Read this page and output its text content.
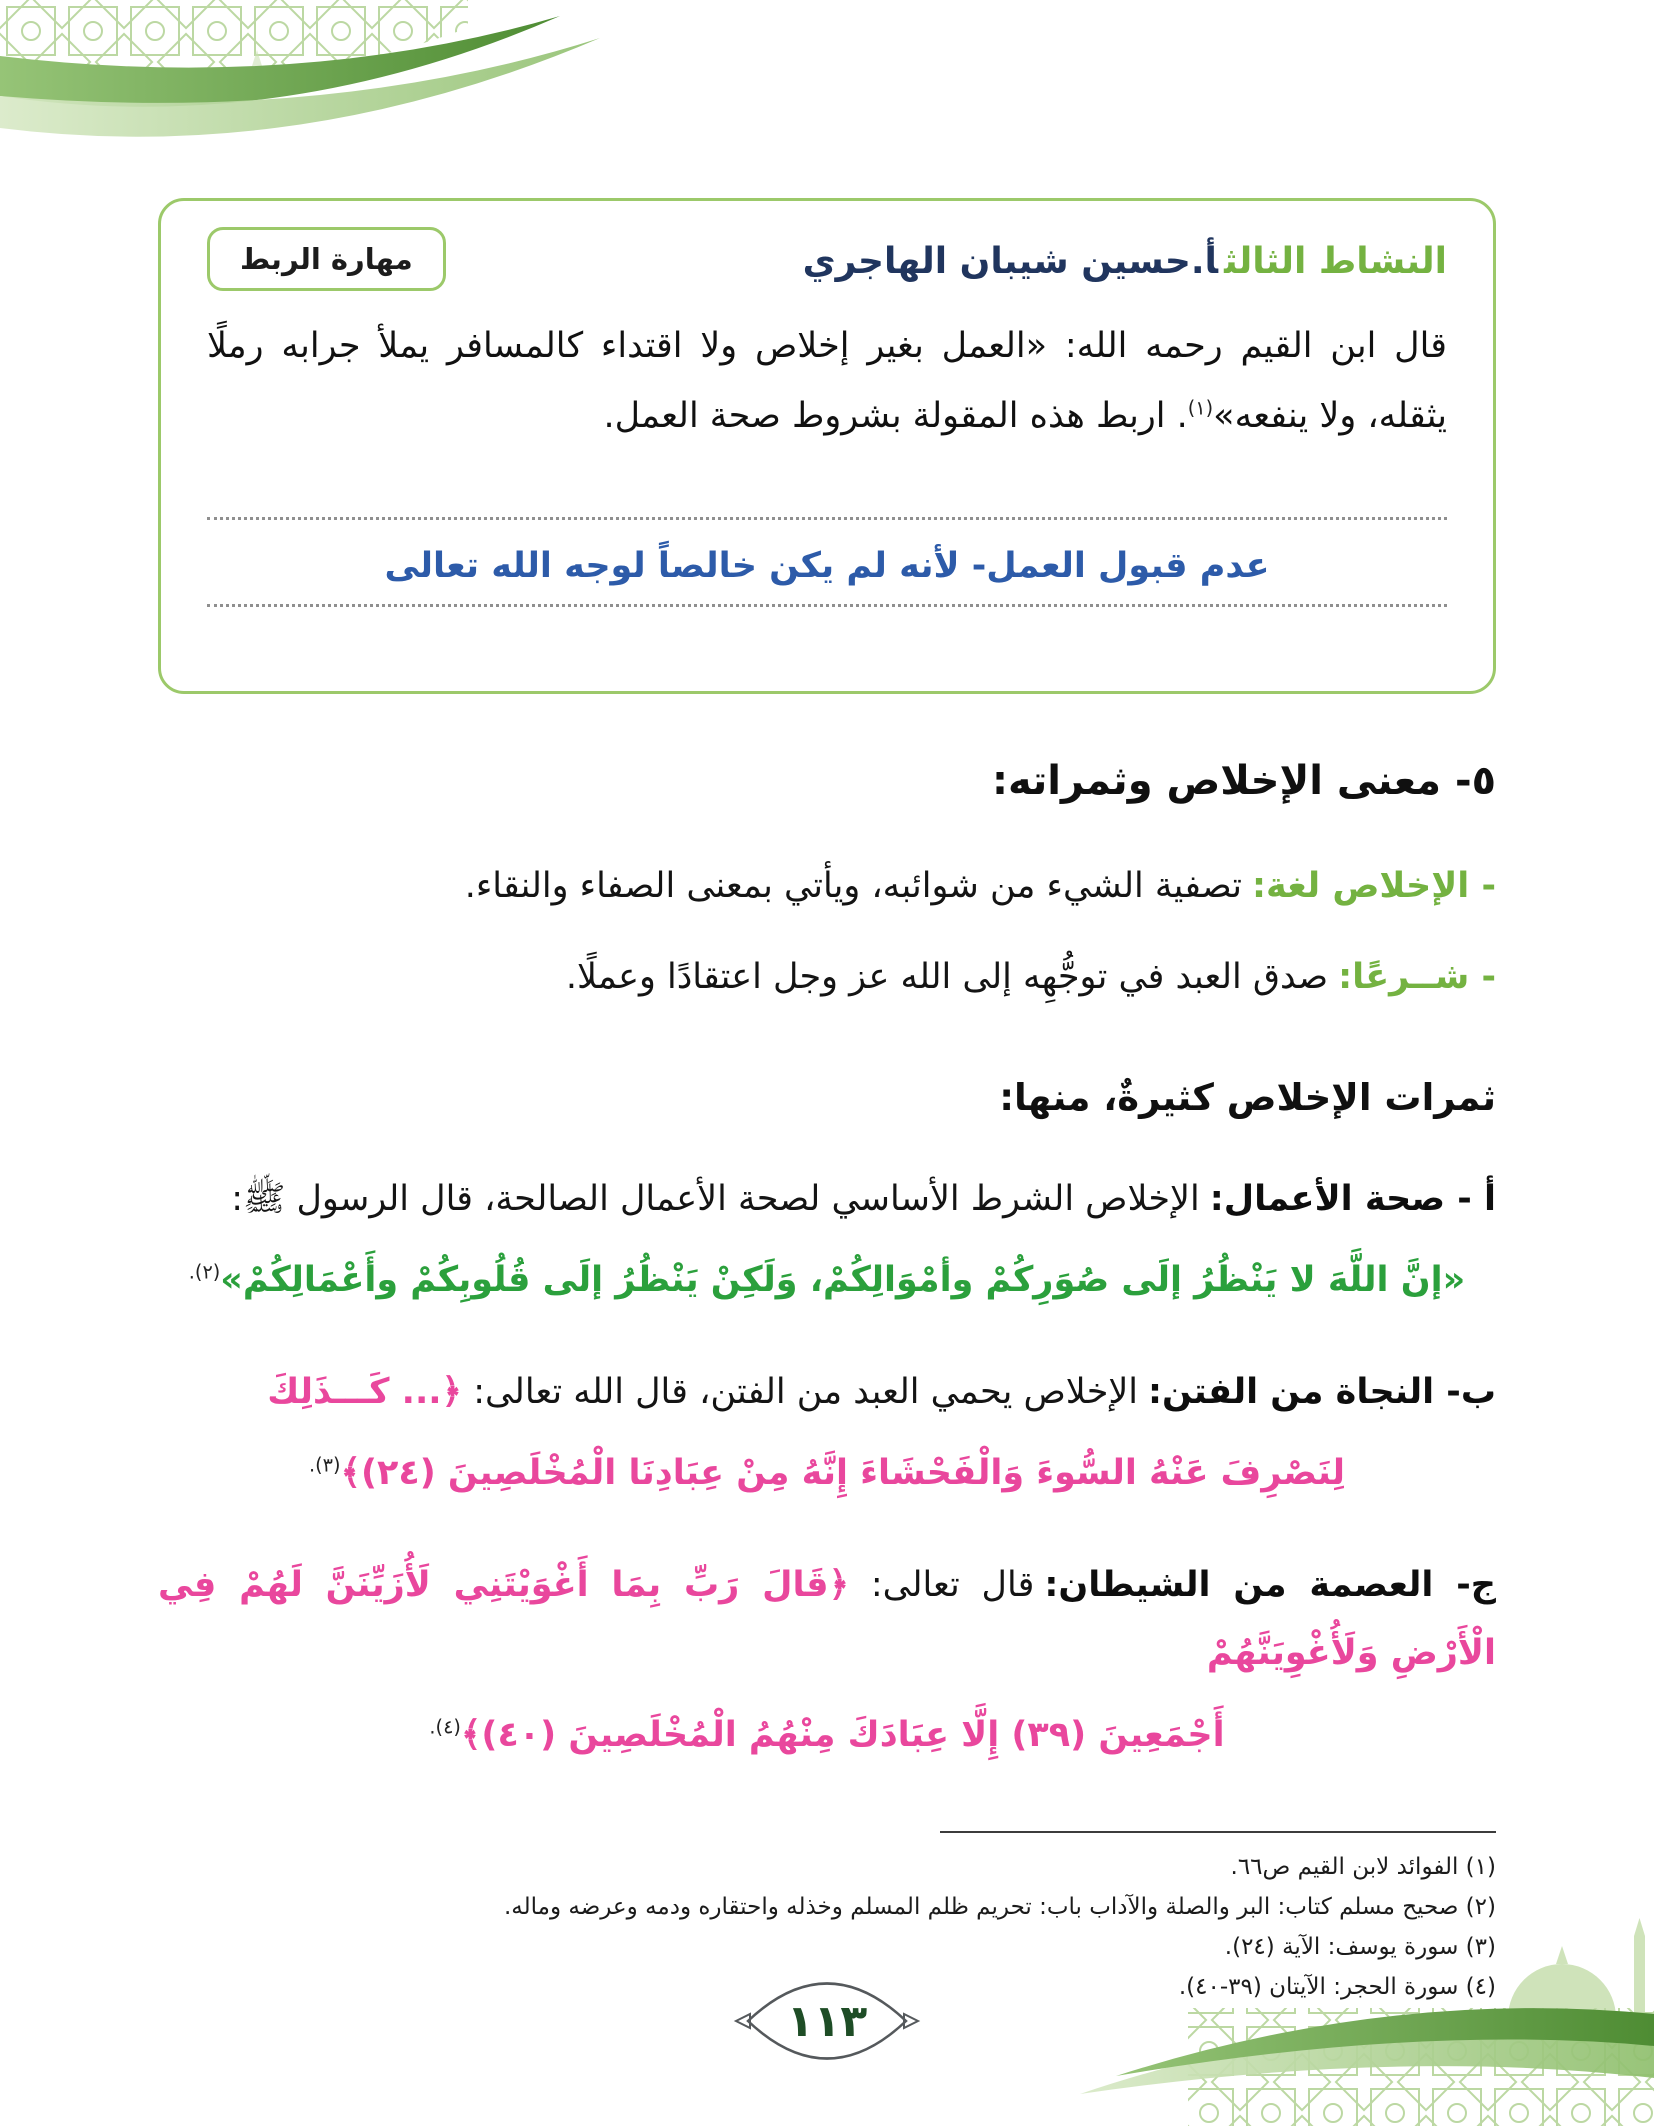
النشاط الثالثأ.حسين شيبان الهاجري
مهارة الربط

قال ابن القيم رحمه الله: «العمل بغير إخلاص ولا اقتداء كالمسافر يملأ جرابه رملًا يثقله، ولا ينفعه»$^{(١)}$. اربط هذه المقولة بشروط صحة العمل.

عدم قبول العمل- لأنه لم يكن خالصاً لوجه الله تعالى

٥- معنى الإخلاص وثمراته:

- الإخلاص لغة:تصفية الشيء من شوائبه، ويأتي بمعنى الصفاء والنقاء.

- شــرعًا:صدق العبد في توجُّهِه إلى الله عز وجل اعتقادًا وعملًا.

ثمرات الإخلاص كثيرةٌ، منها:

أ - صحة الأعمال:الإخلاص الشرط الأساسي لصحة الأعمال الصالحة، قال الرسول ﷺ:

«إنَّ اللَّهَ لا يَنْظُرُ إلَى صُوَرِكُمْ وأمْوَالِكُمْ، وَلَكِنْ يَنْظُرُ إلَى قُلُوبِكُمْ وأَعْمَالِكُمْ»$^{(٢).}$

ب- النجاة من الفتن:الإخلاص يحمي العبد من الفتن، قال الله تعالى: ﴿... كَـــذَلِكَ

لِنَصْرِفَ عَنْهُ السُّوءَ وَالْفَحْشَاءَ إِنَّهُ مِنْ عِبَادِنَا الْمُخْلَصِينَ (٢٤)﴾$^{(٣).}$

ج- العصمة من الشيطان:قال تعالى: ﴿قَالَ رَبِّ بِمَا أَغْوَيْتَنِي لَأُزَيِّنَنَّ لَهُمْ فِي الْأَرْضِ وَلَأُغْوِيَنَّهُمْ

أَجْمَعِينَ (٣٩) إِلَّا عِبَادَكَ مِنْهُمُ الْمُخْلَصِينَ (٤٠)﴾$^{(٤).}$

(١) الفوائد لابن القيم ص٦٦.

(٢) صحيح مسلم كتاب: البر والصلة والآداب باب: تحريم ظلم المسلم وخذله واحتقاره ودمه وعرضه وماله.

(٣) سورة يوسف: الآية (٢٤).

(٤) سورة الحجر: الآيتان (٣٩-٤٠).

١١٣
